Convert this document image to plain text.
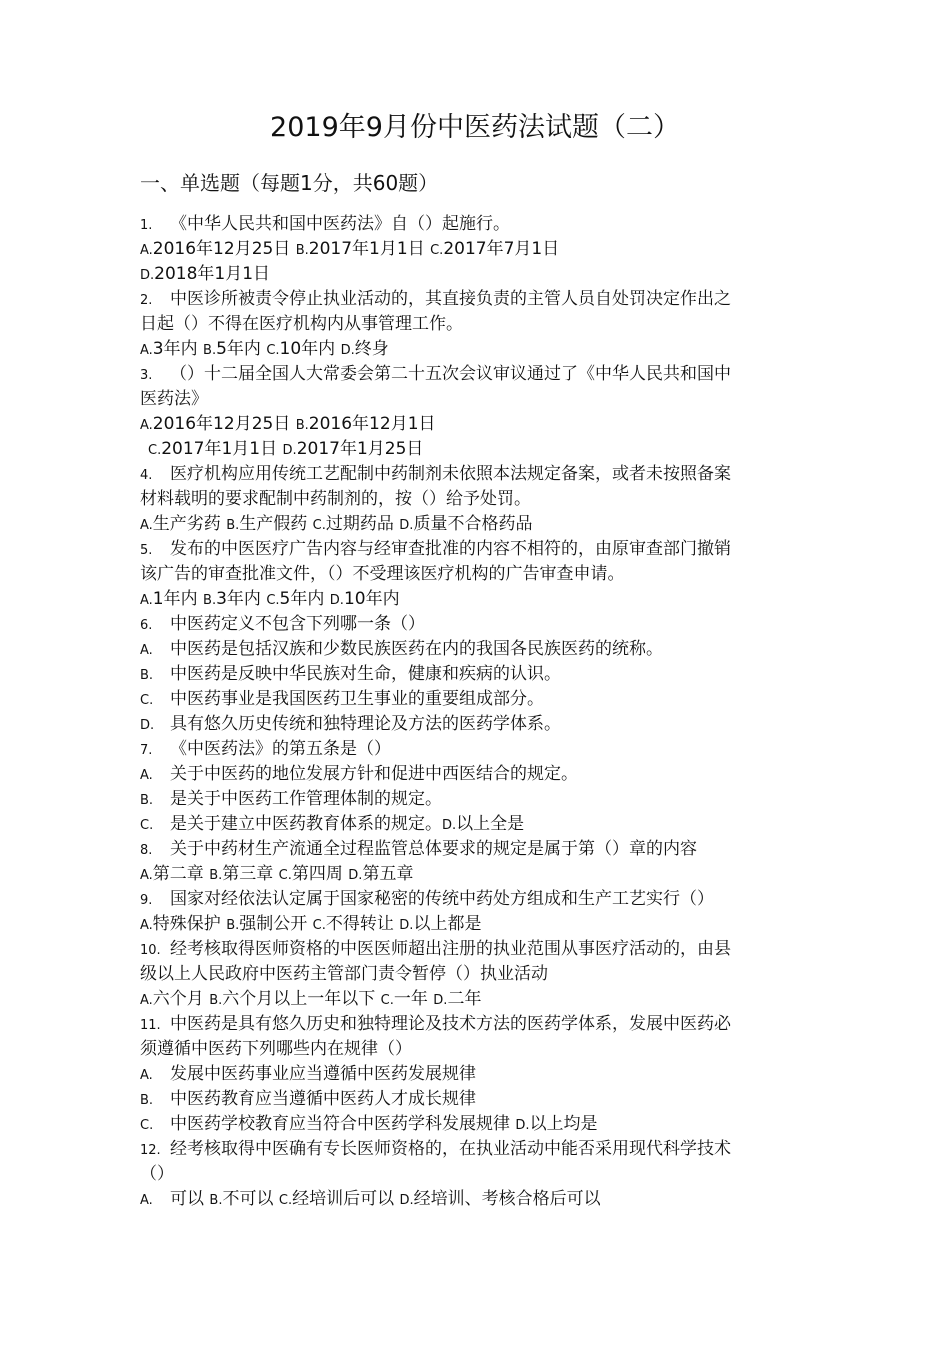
2019年9月份中医药法试题（二）
一、单选题（每题1分，共60题）
1. 《中华人民共和国中医药法》自（）起施行。
A.2016年12月25日 B.2017年1月1日 C.2017年7月1日
D.2018年1月1日
2. 中医诊所被责令停止执业活动的，其直接负责的主管人员自处罚决定作出之
日起（）不得在医疗机构内从事管理工作。
A.3年内 B.5年内 C.10年内 D.终身
3. （）十二届全国人大常委会第二十五次会议审议通过了《中华人民共和国中
医药法》
A.2016年12月25日 B.2016年12月1日
C.2017年1月1日 D.2017年1月25日
4. 医疗机构应用传统工艺配制中药制剂未依照本法规定备案，或者未按照备案
材料载明的要求配制中药制剂的，按（）给予处罚。
A.生产劣药 B.生产假药 C.过期药品 D.质量不合格药品
5. 发布的中医医疗广告内容与经审查批准的内容不相符的，由原审查部门撤销
该广告的审查批准文件，（）不受理该医疗机构的广告审查申请。
A.1年内 B.3年内 C.5年内 D.10年内
6. 中医药定义不包含下列哪一条（）
A. 中医药是包括汉族和少数民族医药在内的我国各民族医药的统称。
B. 中医药是反映中华民族对生命，健康和疾病的认识。
C. 中医药事业是我国医药卫生事业的重要组成部分。
D. 具有悠久历史传统和独特理论及方法的医药学体系。
7. 《中医药法》的第五条是（）
A. 关于中医药的地位发展方针和促进中西医结合的规定。
B. 是关于中医药工作管理体制的规定。
C. 是关于建立中医药教育体系的规定。D.以上全是
8. 关于中药材生产流通全过程监管总体要求的规定是属于第（）章的内容
A.第二章 B.第三章 C.第四周 D.第五章
9. 国家对经依法认定属于国家秘密的传统中药处方组成和生产工艺实行（）
A.特殊保护 B.强制公开 C.不得转让 D.以上都是
10. 经考核取得医师资格的中医医师超出注册的执业范围从事医疗活动的，由县
级以上人民政府中医药主管部门责令暂停（）执业活动
A.六个月 B.六个月以上一年以下 C.一年 D.二年
11. 中医药是具有悠久历史和独特理论及技术方法的医药学体系，发展中医药必
须遵循中医药下列哪些内在规律（）
A. 发展中医药事业应当遵循中医药发展规律
B. 中医药教育应当遵循中医药人才成长规律
C. 中医药学校教育应当符合中医药学科发展规律 D.以上均是
12. 经考核取得中医确有专长医师资格的，在执业活动中能否采用现代科学技术
（）
A. 可以 B.不可以 C.经培训后可以 D.经培训、考核合格后可以
